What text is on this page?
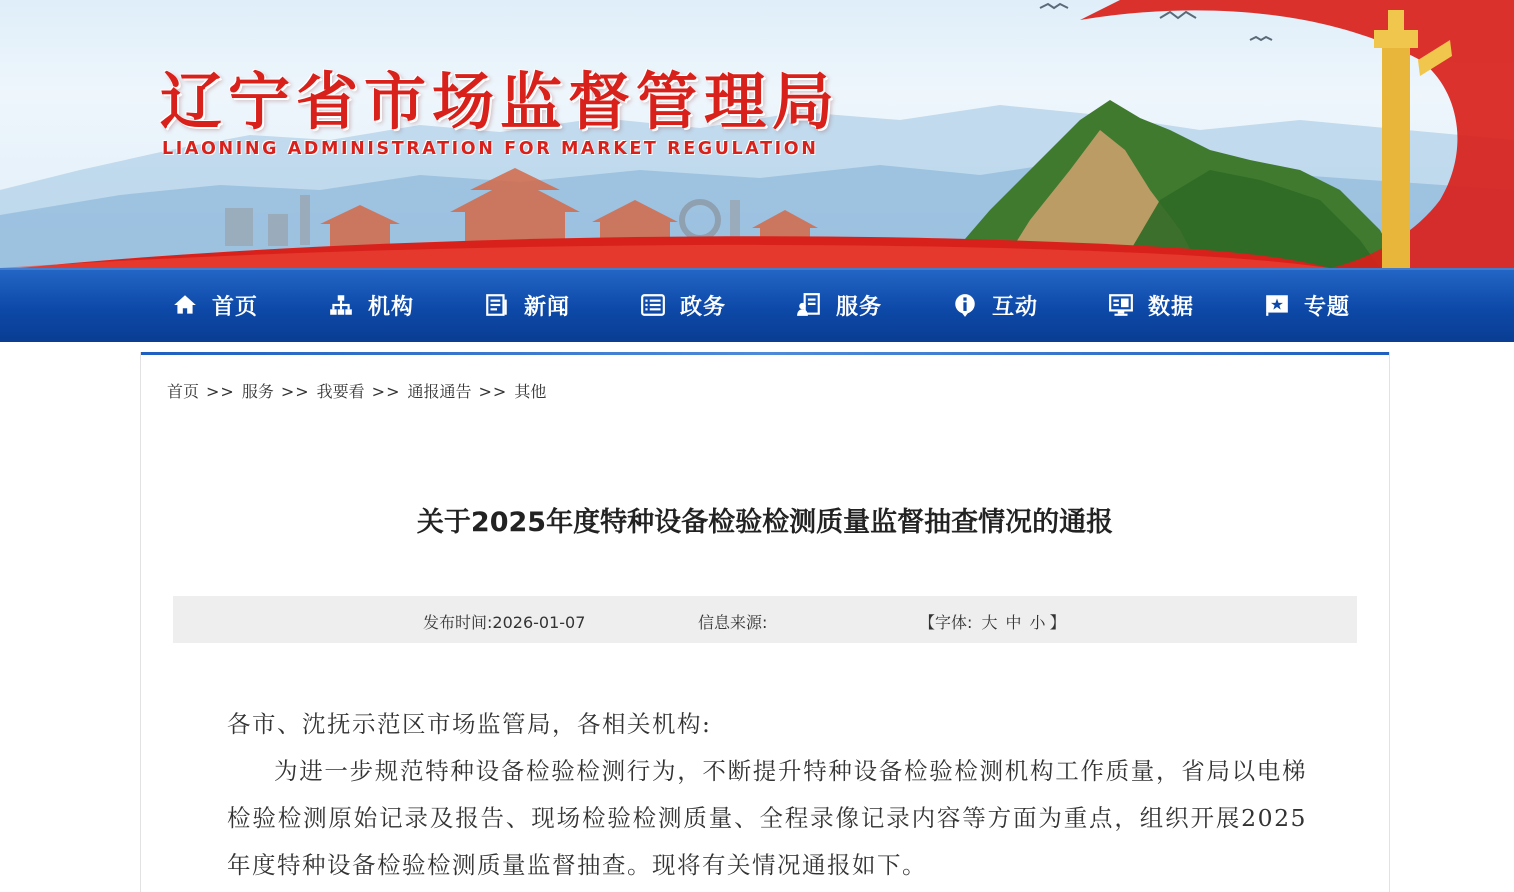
辽宁省市场监督管理局
LIAONING ADMINISTRATION FOR MARKET REGULATION
首页	机构	新闻	政务	服务	互动	数据	专题
首页 >> 服务 >> 我要看 >> 通报通告 >> 其他
关于2025年度特种设备检验检测质量监督抽查情况的通报
发布时间:2026-01-07	信息来源:	【字体: 大 中 小 】

各市、沈抚示范区市场监管局，各相关机构:

为进一步规范特种设备检验检测行为，不断提升特种设备检验检测机构工作质量，省局以电梯检验检测原始记录及报告、现场检验检测质量、全程录像记录内容等方面为重点，组织开展2025年度特种设备检验检测质量监督抽查。现将有关情况通报如下。
